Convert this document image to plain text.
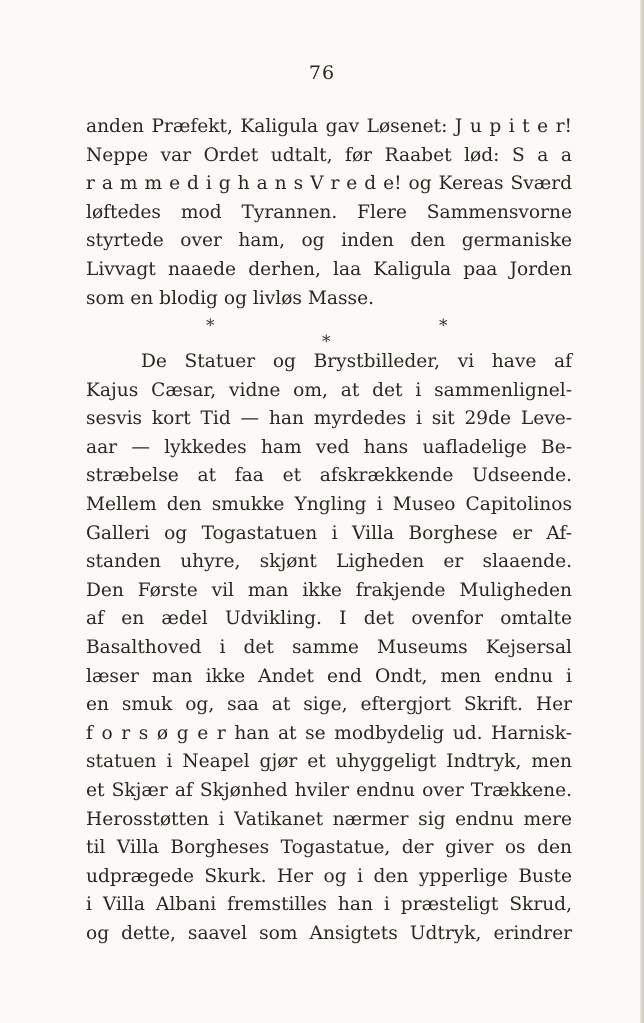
76
anden Præfekt, Kaligula gav Løsenet: J u p i t e r!
Neppe var Ordet udtalt, før Raabet lød: S a a
r a m m e d i g h a n s V r e d e! og Kereas Sværd
løftedes mod Tyrannen. Flere Sammensvorne
styrtede over ham, og inden den germaniske
Livvagt naaede derhen, laa Kaligula paa Jorden
som en blodig og livløs Masse.
*	*
*
De Statuer og Brystbilleder, vi have af
Kajus Cæsar, vidne om, at det i sammenlignel-
sesvis kort Tid — han myrdedes i sit 29de Leve-
aar — lykkedes ham ved hans uafladelige Be-
stræbelse at faa et afskrækkende Udseende.
Mellem den smukke Yngling i Museo Capitolinos
Galleri og Togastatuen i Villa Borghese er Af-
standen uhyre, skjønt Ligheden er slaaende.
Den Første vil man ikke frakjende Muligheden
af en ædel Udvikling. I det ovenfor omtalte
Basalthoved i det samme Museums Kejsersal
læser man ikke Andet end Ondt, men endnu i
en smuk og, saa at sige, eftergjort Skrift. Her
f o r s ø g e r han at se modbydelig ud. Harnisk-
statuen i Neapel gjør et uhyggeligt Indtryk, men
et Skjær af Skjønhed hviler endnu over Trækkene.
Herosstøtten i Vatikanet nærmer sig endnu mere
til Villa Borgheses Togastatue, der giver os den
udprægede Skurk. Her og i den ypperlige Buste
i Villa Albani fremstilles han i præsteligt Skrud,
og dette, saavel som Ansigtets Udtryk, erindrer
